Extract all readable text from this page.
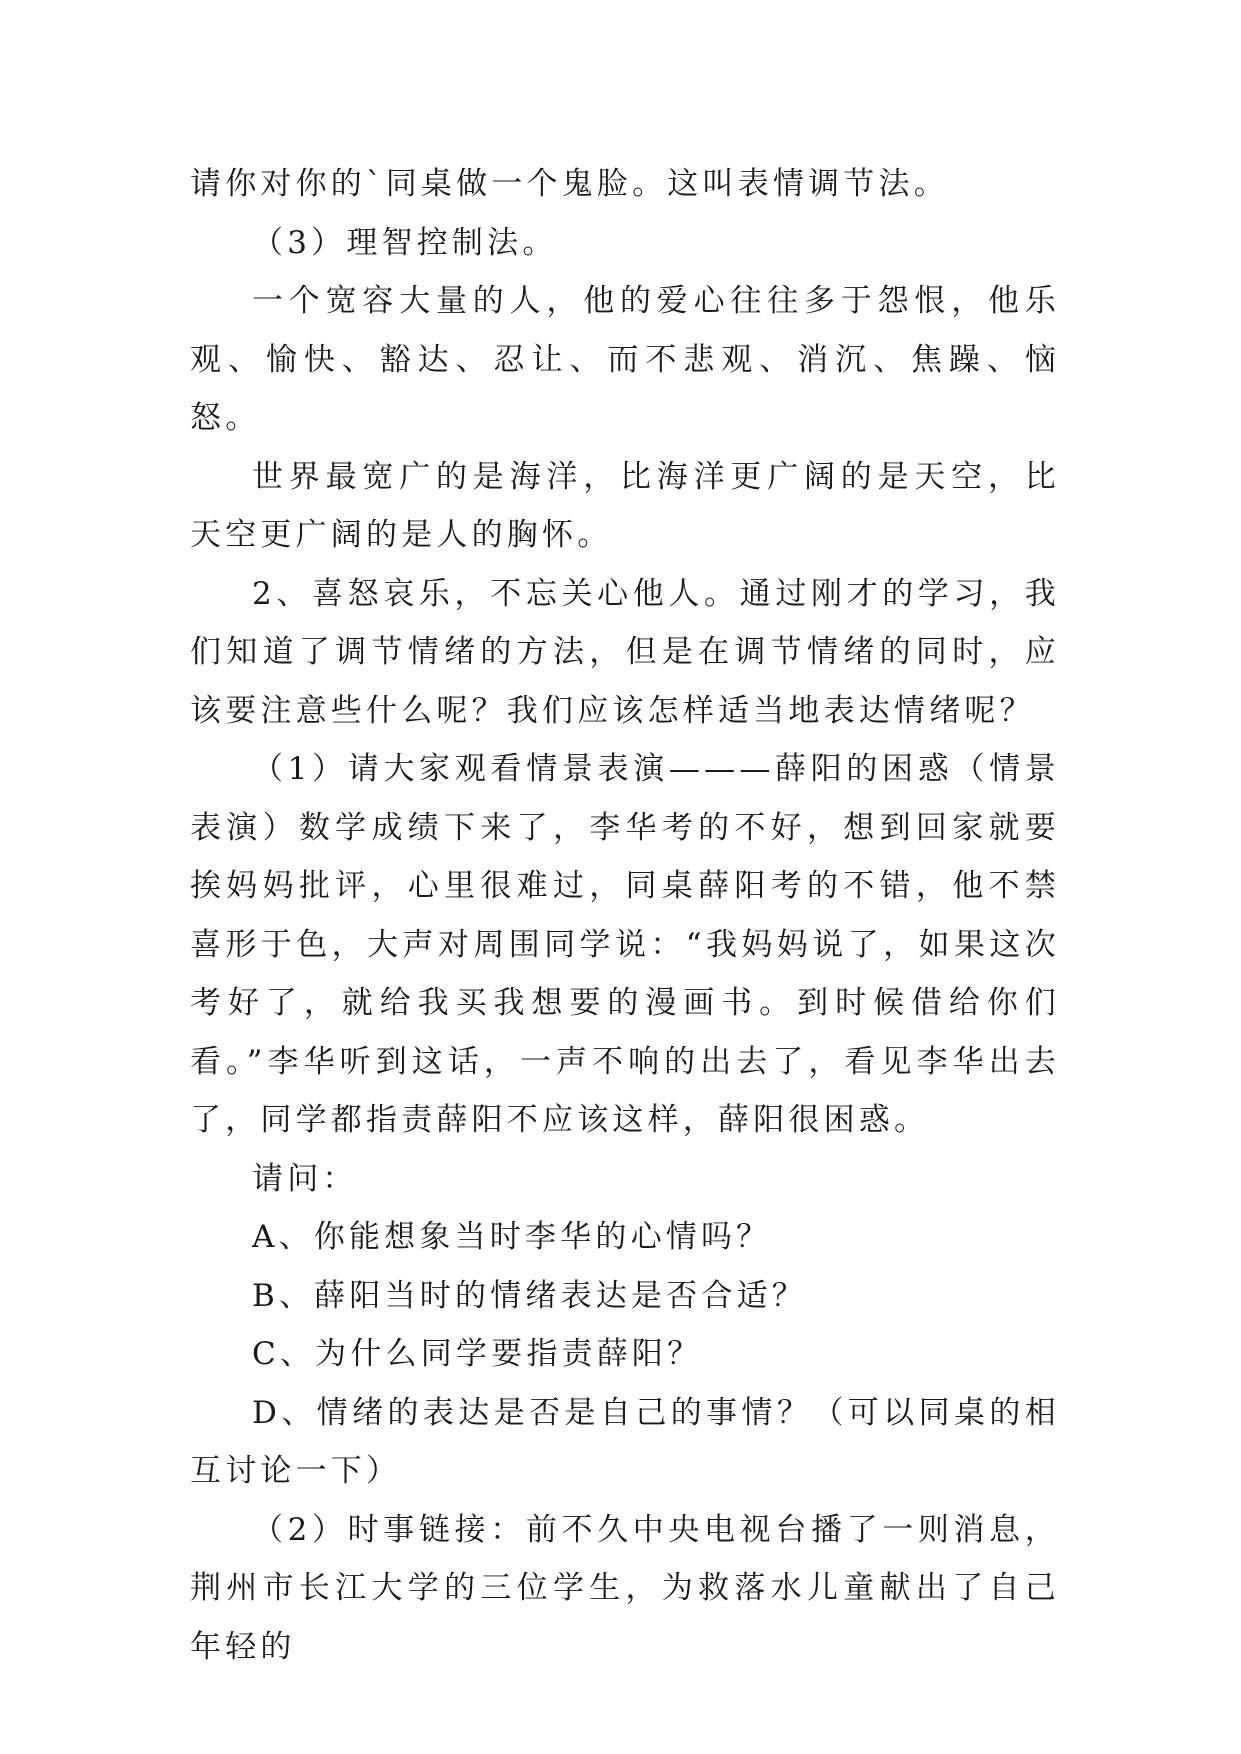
请你对你的`同桌做一个鬼脸。这叫表情调节法。

（3）理智控制法。

一个宽容大量的人，他的爱心往往多于怨恨，他乐观、愉快、豁达、忍让、而不悲观、消沉、焦躁、恼怒。

世界最宽广的是海洋，比海洋更广阔的是天空，比天空更广阔的是人的胸怀。

2、喜怒哀乐，不忘关心他人。通过刚才的学习，我们知道了调节情绪的方法，但是在调节情绪的同时，应该要注意些什么呢？我们应该怎样适当地表达情绪呢？

（1）请大家观看情景表演———薛阳的困惑（情景表演）数学成绩下来了，李华考的不好，想到回家就要挨妈妈批评，心里很难过，同桌薛阳考的不错，他不禁喜形于色，大声对周围同学说：“我妈妈说了，如果这次考好了，就给我买我想要的漫画书。到时候借给你们看。”李华听到这话，一声不响的出去了，看见李华出去了，同学都指责薛阳不应该这样，薛阳很困惑。

请问：

A、你能想象当时李华的心情吗？

B、薛阳当时的情绪表达是否合适？

C、为什么同学要指责薛阳？

D、情绪的表达是否是自己的事情？（可以同桌的相互讨论一下）

（2）时事链接：前不久中央电视台播了一则消息，荆州市长江大学的三位学生，为救落水儿童献出了自己年轻的
